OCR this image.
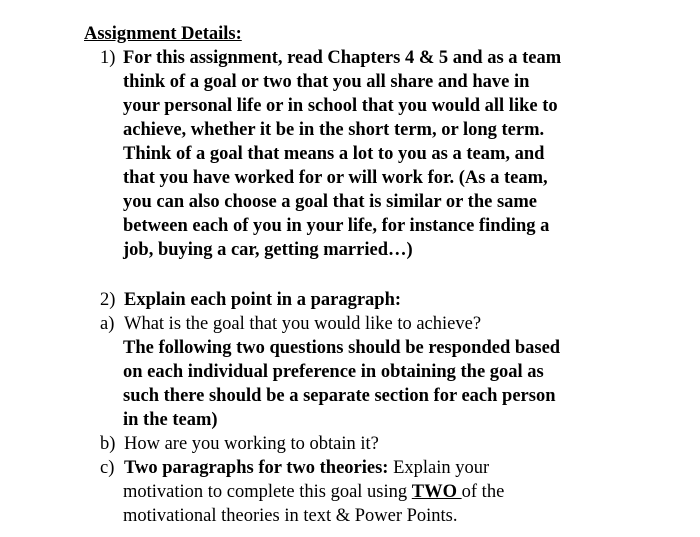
Assignment Details:
1) For this assignment, read Chapters 4 & 5 and as a team
think of a goal or two that you all share and have in
your personal life or in school that you would all like to
achieve, whether it be in the short term, or long term.
Think of a goal that means a lot to you as a team, and
that you have worked for or will work for. (As a team,
you can also choose a goal that is similar or the same
between each of you in your life, for instance finding a
job, buying a car, getting married…)
2) Explain each point in a paragraph:
a) What is the goal that you would like to achieve?
The following two questions should be responded based
on each individual preference in obtaining the goal as
such there should be a separate section for each person
in the team)
b) How are you working to obtain it?
c) Two paragraphs for two theories: Explain your
motivation to complete this goal using TWO of the
motivational theories in text & Power Points.
